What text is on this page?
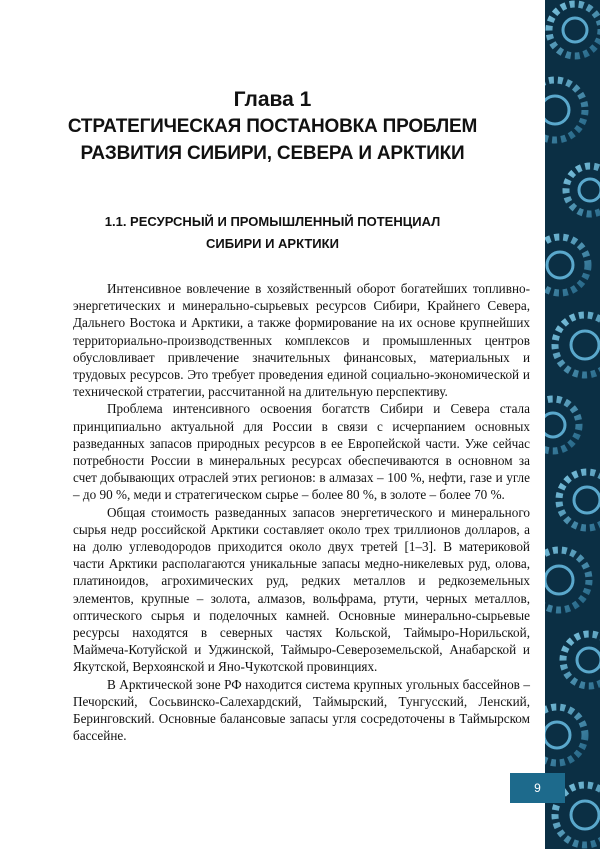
Глава 1
СТРАТЕГИЧЕСКАЯ ПОСТАНОВКА ПРОБЛЕМ
РАЗВИТИЯ СИБИРИ, СЕВЕРА И АРКТИКИ
1.1. РЕСУРСНЫЙ И ПРОМЫШЛЕННЫЙ ПОТЕНЦИАЛ
СИБИРИ И АРКТИКИ

Интенсивное вовлечение в хозяйственный оборот богатейших топливно-энергетических и минерально-сырьевых ресурсов Сибири, Крайнего Севера, Дальнего Востока и Арктики, а также формирование на их основе крупнейших территориально-производственных комплексов и промышленных центров обусловливает привлечение значительных финансовых, материальных и трудовых ресурсов. Это требует проведения единой социально-экономической и технической стратегии, рассчитанной на длительную перспективу.

Проблема интенсивного освоения богатств Сибири и Севера стала принципиально актуальной для России в связи с исчерпанием основных разведанных запасов природных ресурсов в ее Европейской части. Уже сейчас потребности России в минеральных ресурсах обеспечиваются в основном за счет добывающих отраслей этих регионов: в алмазах – 100 %, нефти, газе и угле – до 90 %, меди и стратегическом сырье – более 80 %, в золоте – более 70 %.

Общая стоимость разведанных запасов энергетического и минерального сырья недр российской Арктики составляет около трех триллионов долларов, а на долю углеводородов приходится около двух третей [1–3]. В материковой части Арктики располагаются уникальные запасы медно-никелевых руд, олова, платиноидов, агрохимических руд, редких металлов и редкоземельных элементов, крупные – золота, алмазов, вольфрама, ртути, черных металлов, оптического сырья и поделочных камней. Основные минерально-сырьевые ресурсы находятся в северных частях Кольской, Таймыро-Норильской, Маймеча-Котуйской и Уджинской, Таймыро-Североземельской, Анабарской и Якутской, Верхоянской и Яно-Чукотской провинциях.

В Арктической зоне РФ находится система крупных угольных бассейнов – Печорский, Сосьвинско-Салехардский, Таймырский, Тунгусский, Ленский, Беринговский. Основные балансовые запасы угля сосредоточены в Таймырском бассейне.

9
